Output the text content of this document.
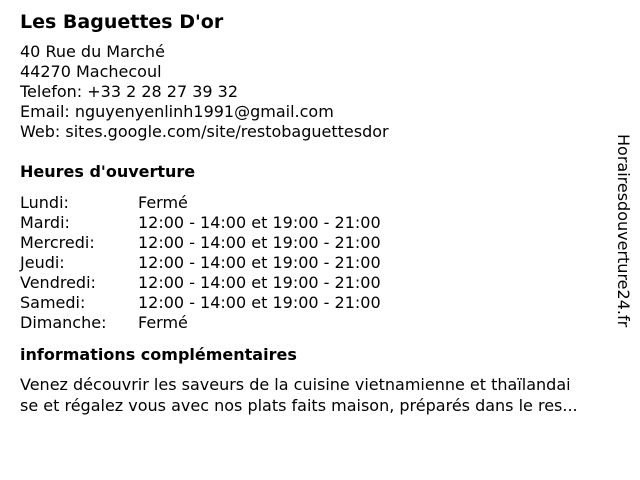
Les Baguettes D'or
40 Rue du Marché
44270 Machecoul
Telefon: +33 2 28 27 39 32
Email: nguyenyenlinh1991@gmail.com
Web: sites.google.com/site/restobaguettesdor
Heures d'ouverture
Lundi:	Fermé
Mardi:	12:00 - 14:00 et 19:00 - 21:00
Mercredi:	12:00 - 14:00 et 19:00 - 21:00
Jeudi:	12:00 - 14:00 et 19:00 - 21:00
Vendredi:	12:00 - 14:00 et 19:00 - 21:00
Samedi:	12:00 - 14:00 et 19:00 - 21:00
Dimanche:	Fermé
informations complémentaires
Venez découvrir les saveurs de la cuisine vietnamienne et thaïlandai
se et régalez vous avec nos plats faits maison, préparés dans le res...
Horairesdouverture24.fr
